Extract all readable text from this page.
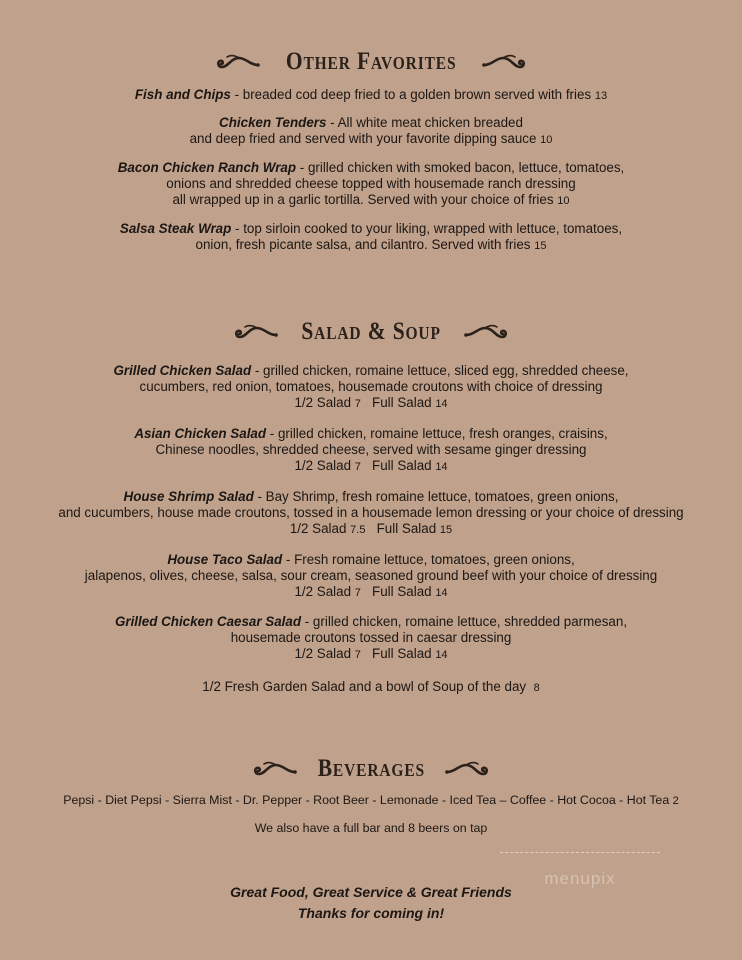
Other Favorites
Fish and Chips - breaded cod deep fried to a golden brown served with fries 13
Chicken Tenders - All white meat chicken breaded
and deep fried and served with your favorite dipping sauce 10
Bacon Chicken Ranch Wrap - grilled chicken with smoked bacon, lettuce, tomatoes,
onions and shredded cheese topped with housemade ranch dressing
all wrapped up in a garlic tortilla. Served with your choice of fries 10
Salsa Steak Wrap - top sirloin cooked to your liking, wrapped with lettuce, tomatoes,
onion, fresh picante salsa, and cilantro. Served with fries 15
Salad & Soup
Grilled Chicken Salad - grilled chicken, romaine lettuce, sliced egg, shredded cheese,
cucumbers, red onion, tomatoes, housemade croutons with choice of dressing
1/2 Salad 7 Full Salad 14
Asian Chicken Salad - grilled chicken, romaine lettuce, fresh oranges, craisins,
Chinese noodles, shredded cheese, served with sesame ginger dressing
1/2 Salad 7 Full Salad 14
House Shrimp Salad - Bay Shrimp, fresh romaine lettuce, tomatoes, green onions,
and cucumbers, house made croutons, tossed in a housemade lemon dressing or your choice of dressing
1/2 Salad 7.5 Full Salad 15
House Taco Salad - Fresh romaine lettuce, tomatoes, green onions,
jalapenos, olives, cheese, salsa, sour cream, seasoned ground beef with your choice of dressing
1/2 Salad 7 Full Salad 14
Grilled Chicken Caesar Salad - grilled chicken, romaine lettuce, shredded parmesan,
housemade croutons tossed in caesar dressing
1/2 Salad 7 Full Salad 14
1/2 Fresh Garden Salad and a bowl of Soup of the day  8
Beverages
Pepsi - Diet Pepsi - Sierra Mist - Dr. Pepper - Root Beer - Lemonade - Iced Tea – Coffee - Hot Cocoa - Hot Tea 2
We also have a full bar and 8 beers on tap
menupix
Great Food, Great Service & Great Friends
Thanks for coming in!
